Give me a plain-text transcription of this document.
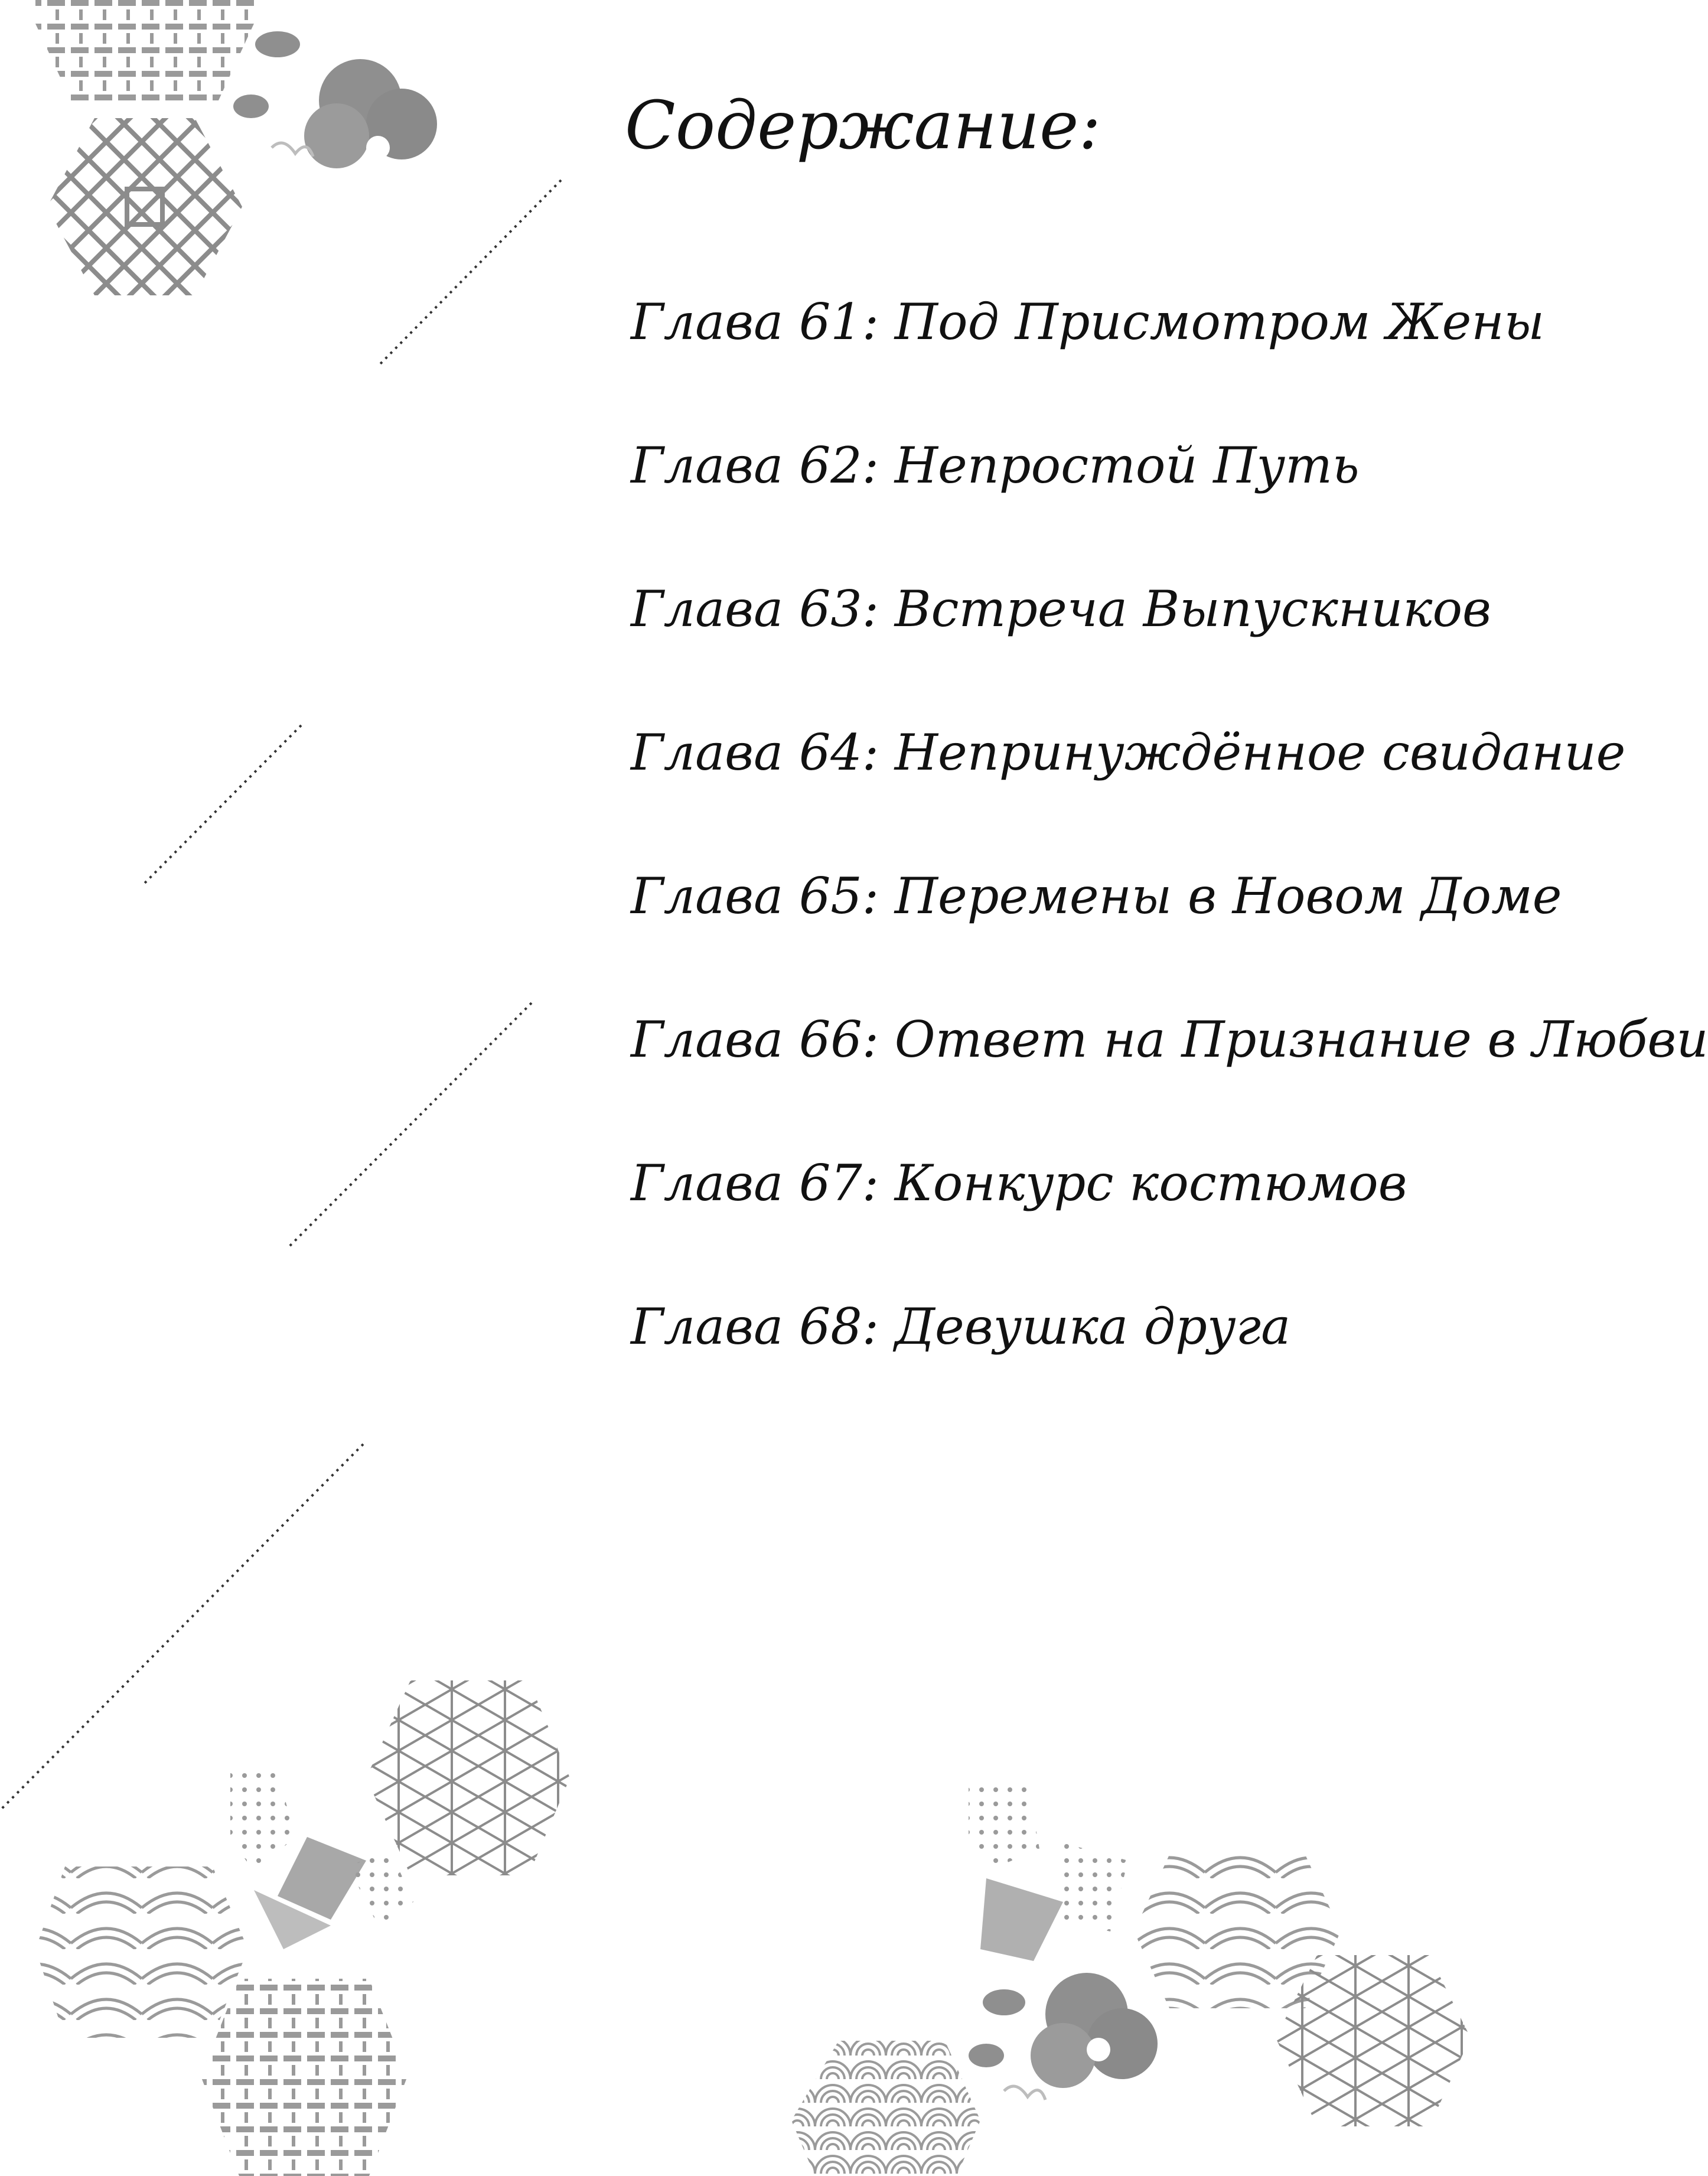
Содержание:
Глава 61: Под Присмотром Жены
Глава 62: Непростой Путь
Глава 63: Встреча Выпускников
Глава 64: Непринуждённое свидание
Глава 65: Перемены в Новом Доме
Глава 66: Ответ на Признание в Любви
Глава 67: Конкурс костюмов
Глава 68: Девушка друга
